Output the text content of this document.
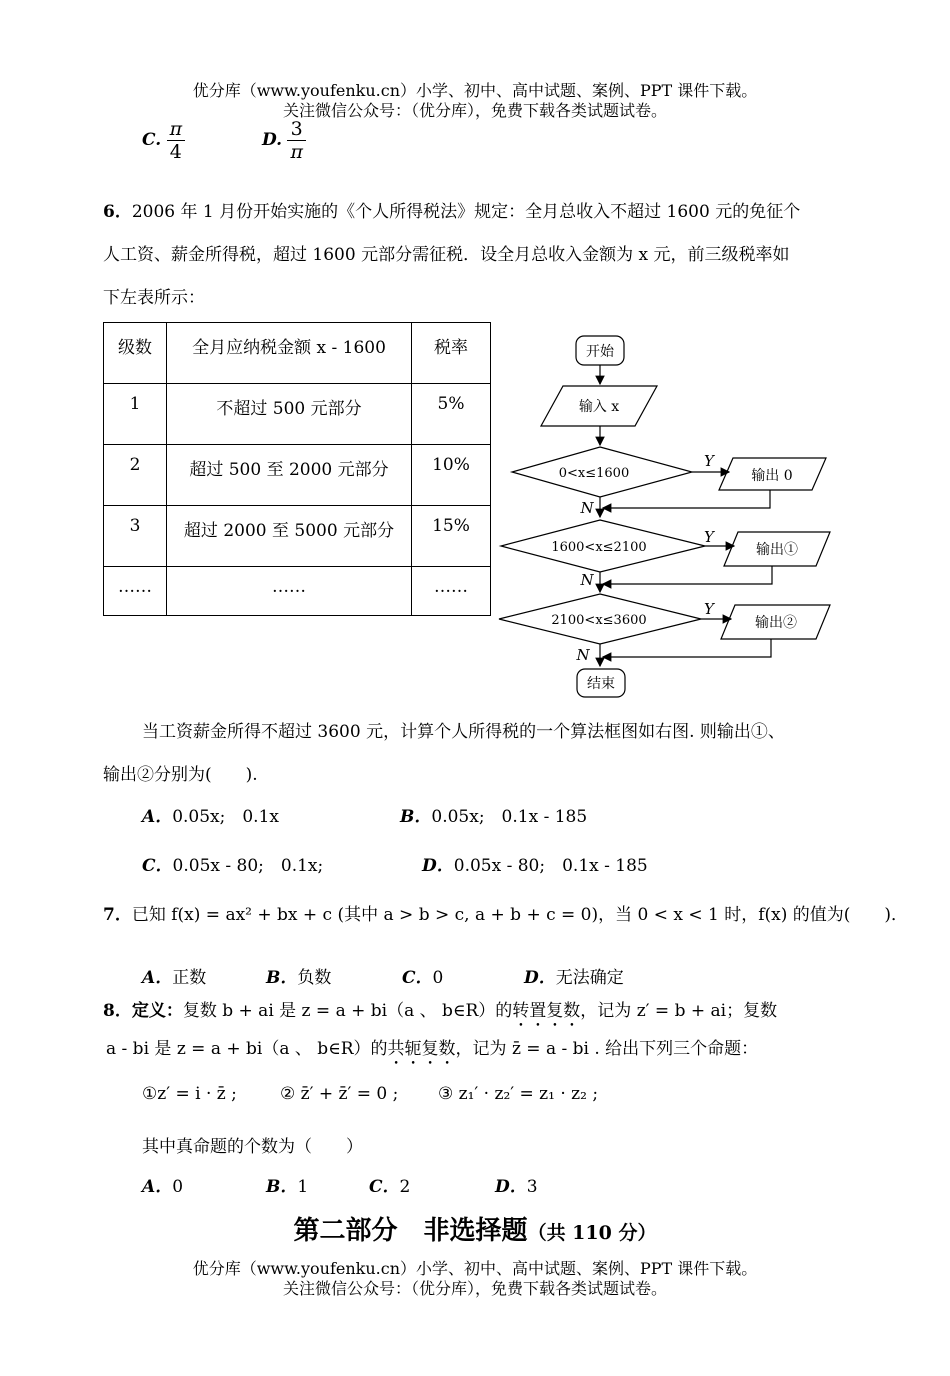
优分库（www.youfenku.cn）小学、初中、高中试题、案例、PPT 课件下载。
关注微信公众号：（优分库），免费下载各类试题试卷。
C. $\frac{\pi}{4}$	D. $\frac{3}{\pi}$
6．2006 年 1 月份开始实施的《个人所得税法》规定：全月总收入不超过 1600 元的免征个
人工资、薪金所得税，超过 1600 元部分需征税．设全月总收入金额为 x 元，前三级税率如
下左表所示：
级数	全月应纳税金额 x - 1600	税率
1	不超过 500 元部分	5%
2	超过 500 至 2000 元部分	10%
3	超过 2000 至 5000 元部分	15%
……	……	……
开始
输入 x
0<x≤1600	输出 0
1600<x≤2100	输出①
2100<x≤3600	输出②
结束
Y
Y
Y
N
N
N
当工资薪金所得不超过 3600 元，计算个人所得税的一个算法框图如右图. 则输出①、
输出②分别为(　　).
A．0.05x;　0.1x	B．0.05x;　0.1x - 185
C．0.05x - 80;　0.1x;	D．0.05x - 80;　0.1x - 185
7．已知 f(x) = ax² + bx + c (其中 a > b > c, a + b + c = 0)，当 0 < x < 1 时，f(x) 的值为(　　)．
A．正数	B．负数	C．0	D．无法确定
8．定义：复数 b + ai 是 z = a + bi（a 、 b∈R）的转置复数，记为 z′ = b + ai；复数
a - bi 是 z = a + bi（a 、 b∈R）的共轭复数，记为 z̄ = a - bi . 给出下列三个命题：
①z′ = i · z̄ ;	② z̄′ + z̄′ = 0 ; ③ z₁′ · z₂′ = z₁ · z₂ ;
其中真命题的个数为（　　）
A．0	B．1	C．2	D．3
第二部分　非选择题（共 110 分）
优分库（www.youfenku.cn）小学、初中、高中试题、案例、PPT 课件下载。
关注微信公众号：（优分库），免费下载各类试题试卷。
